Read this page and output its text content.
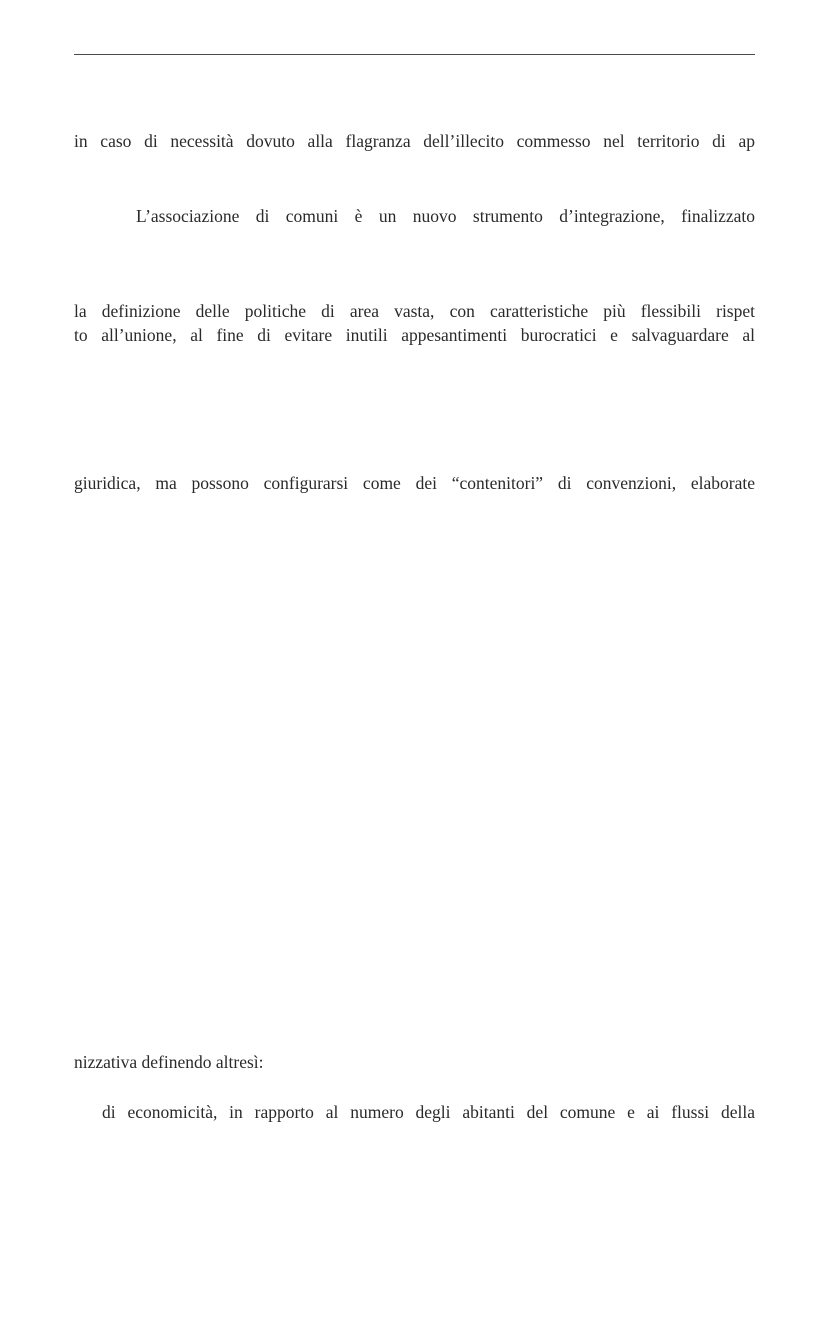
in caso di necessità dovuto alla flagranza dell’illecito commesso nel territorio di ap

L’associazione di comuni è un nuovo strumento d’integrazione, finalizzato

la definizione delle politiche di area vasta, con caratteristiche più flessibili rispet

to all’unione, al fine di evitare inutili appesantimenti burocratici e salvaguardare al

giuridica, ma possono configurarsi come dei “contenitori” di convenzioni, elaborate

nizzativa definendo altresì:

di economicità, in rapporto al numero degli abitanti del comune e ai flussi della
